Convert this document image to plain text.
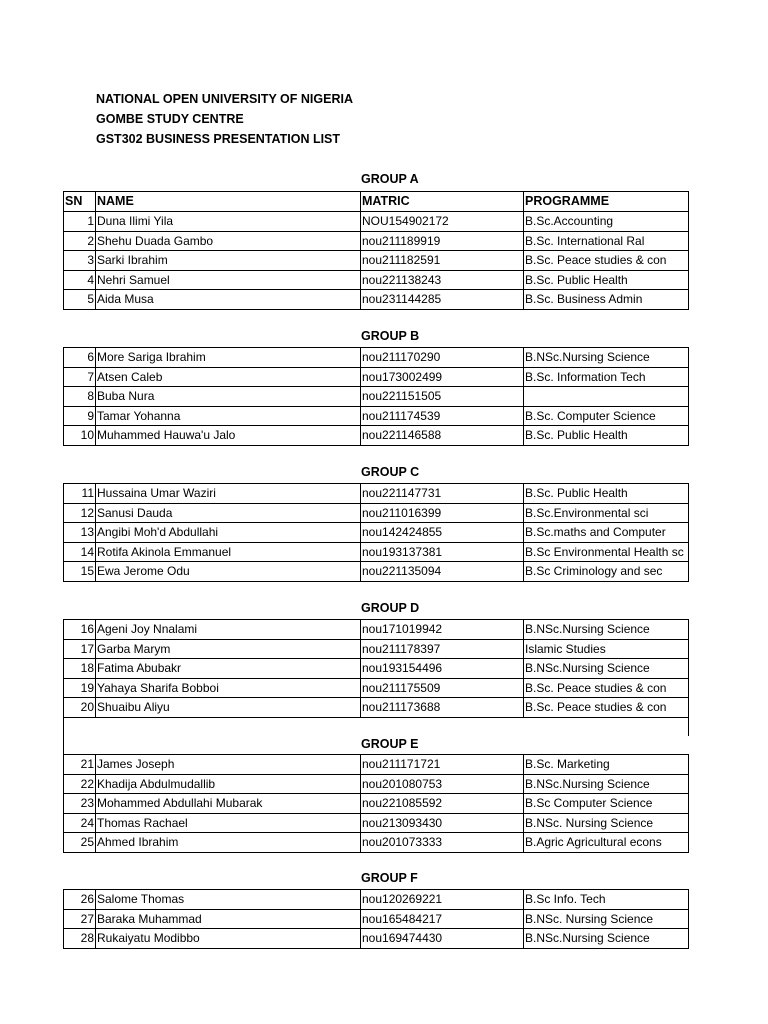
NATIONAL OPEN UNIVERSITY OF NIGERIA
GOMBE STUDY CENTRE
GST302 BUSINESS PRESENTATION LIST
GROUP A
SN	NAME	MATRIC	PROGRAMME
1 Duna Ilimi Yila	NOU154902172	B.Sc.Accounting
2 Shehu Duada Gambo	nou211189919	B.Sc. International Ral
3 Sarki Ibrahim	nou211182591	B.Sc. Peace studies & con
4 Nehri Samuel	nou221138243	B.Sc. Public Health
5 Aida Musa	nou231144285	B.Sc. Business Admin
GROUP B
6 More Sariga Ibrahim	nou211170290	B.NSc.Nursing Science
7 Atsen Caleb	nou173002499	B.Sc. Information Tech
8 Buba Nura	nou221151505
9 Tamar Yohanna	nou211174539	B.Sc. Computer Science
10 Muhammed Hauwa'u Jalo	nou221146588	B.Sc. Public Health
GROUP C
11 Hussaina Umar Waziri	nou221147731	B.Sc. Public Health
12 Sanusi Dauda	nou211016399	B.Sc.Environmental sci
13 Angibi Moh'd Abdullahi	nou142424855	B.Sc.maths and Computer
14 Rotifa Akinola Emmanuel	nou193137381	B.Sc Environmental Health sc
15 Ewa Jerome Odu	nou221135094	B.Sc Criminology and sec
GROUP D
16 Ageni Joy Nnalami	nou171019942	B.NSc.Nursing Science
17 Garba Marym	nou211178397	Islamic Studies
18 Fatima Abubakr	nou193154496	B.NSc.Nursing Science
19 Yahaya Sharifa Bobboi	nou211175509	B.Sc. Peace studies & con
20 Shuaibu Aliyu	nou211173688	B.Sc. Peace studies & con
GROUP E
21 James Joseph	nou211171721	B.Sc. Marketing
22 Khadija Abdulmudallib	nou201080753	B.NSc.Nursing Science
23 Mohammed Abdullahi Mubarak	nou221085592	B.Sc Computer Science
24 Thomas Rachael	nou213093430	B.NSc. Nursing Science
25 Ahmed Ibrahim	nou201073333	B.Agric Agricultural econs
GROUP F
26 Salome Thomas	nou120269221	B.Sc Info. Tech
27 Baraka Muhammad	nou165484217	B.NSc. Nursing Science
28 Rukaiyatu Modibbo	nou169474430	B.NSc.Nursing Science
